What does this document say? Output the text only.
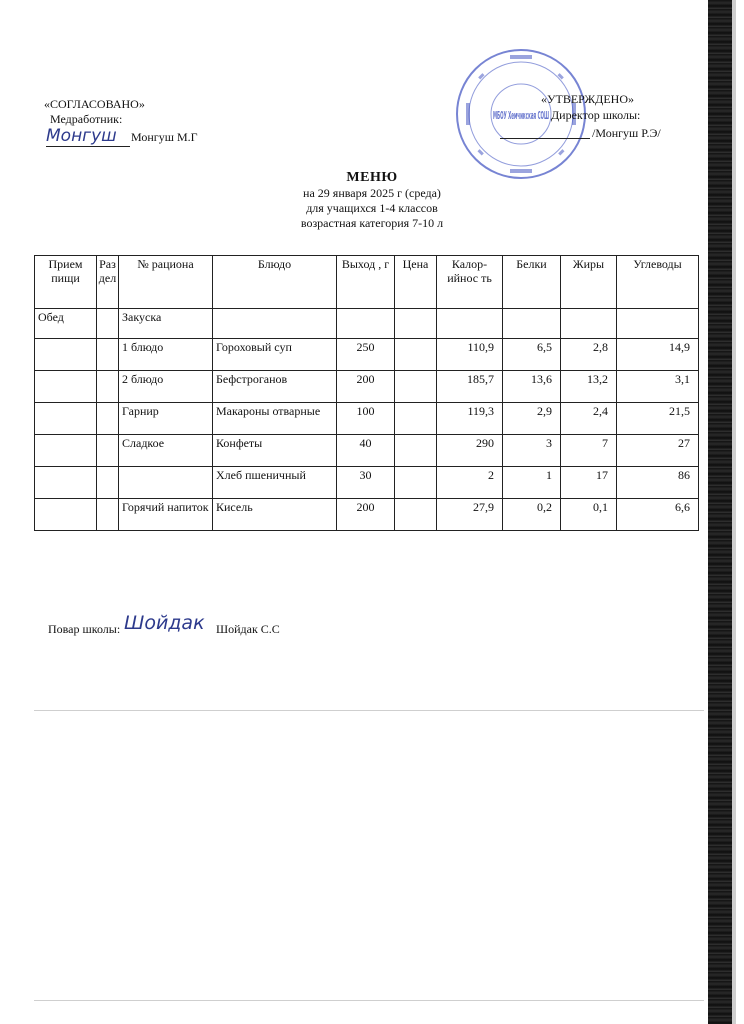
«СОГЛАСОВАНО»
Медработник:
Монгуш Монгуш М.Г
МБОУ Хемчикская СОШ
«УТВЕРЖДЕНО»
Директор школы:
/Монгуш Р.Э/
МЕНЮ
на 29 января 2025 г (среда)
для учащихся 1-4 классов
возрастная категория 7-10 л
Прием пищи	Раздел	№ рациона	Блюдо	Выход , г	Цена	Калор-ийнос ть	Белки	Жиры	Углеводы
Обед		Закуска							
		1 блюдо	Гороховый суп	250		110,9	6,5	2,8	14,9
		2 блюдо	Бефстроганов	200		185,7	13,6	13,2	3,1
		Гарнир	Макароны отварные	100		119,3	2,9	2,4	21,5
		Сладкое	Конфеты	40		290	3	7	27
			Хлеб пшеничный	30		2	1	17	86
		Горячий напиток	Кисель	200		27,9	0,2	0,1	6,6
Повар школы: Шойдак Шойдак С.С
